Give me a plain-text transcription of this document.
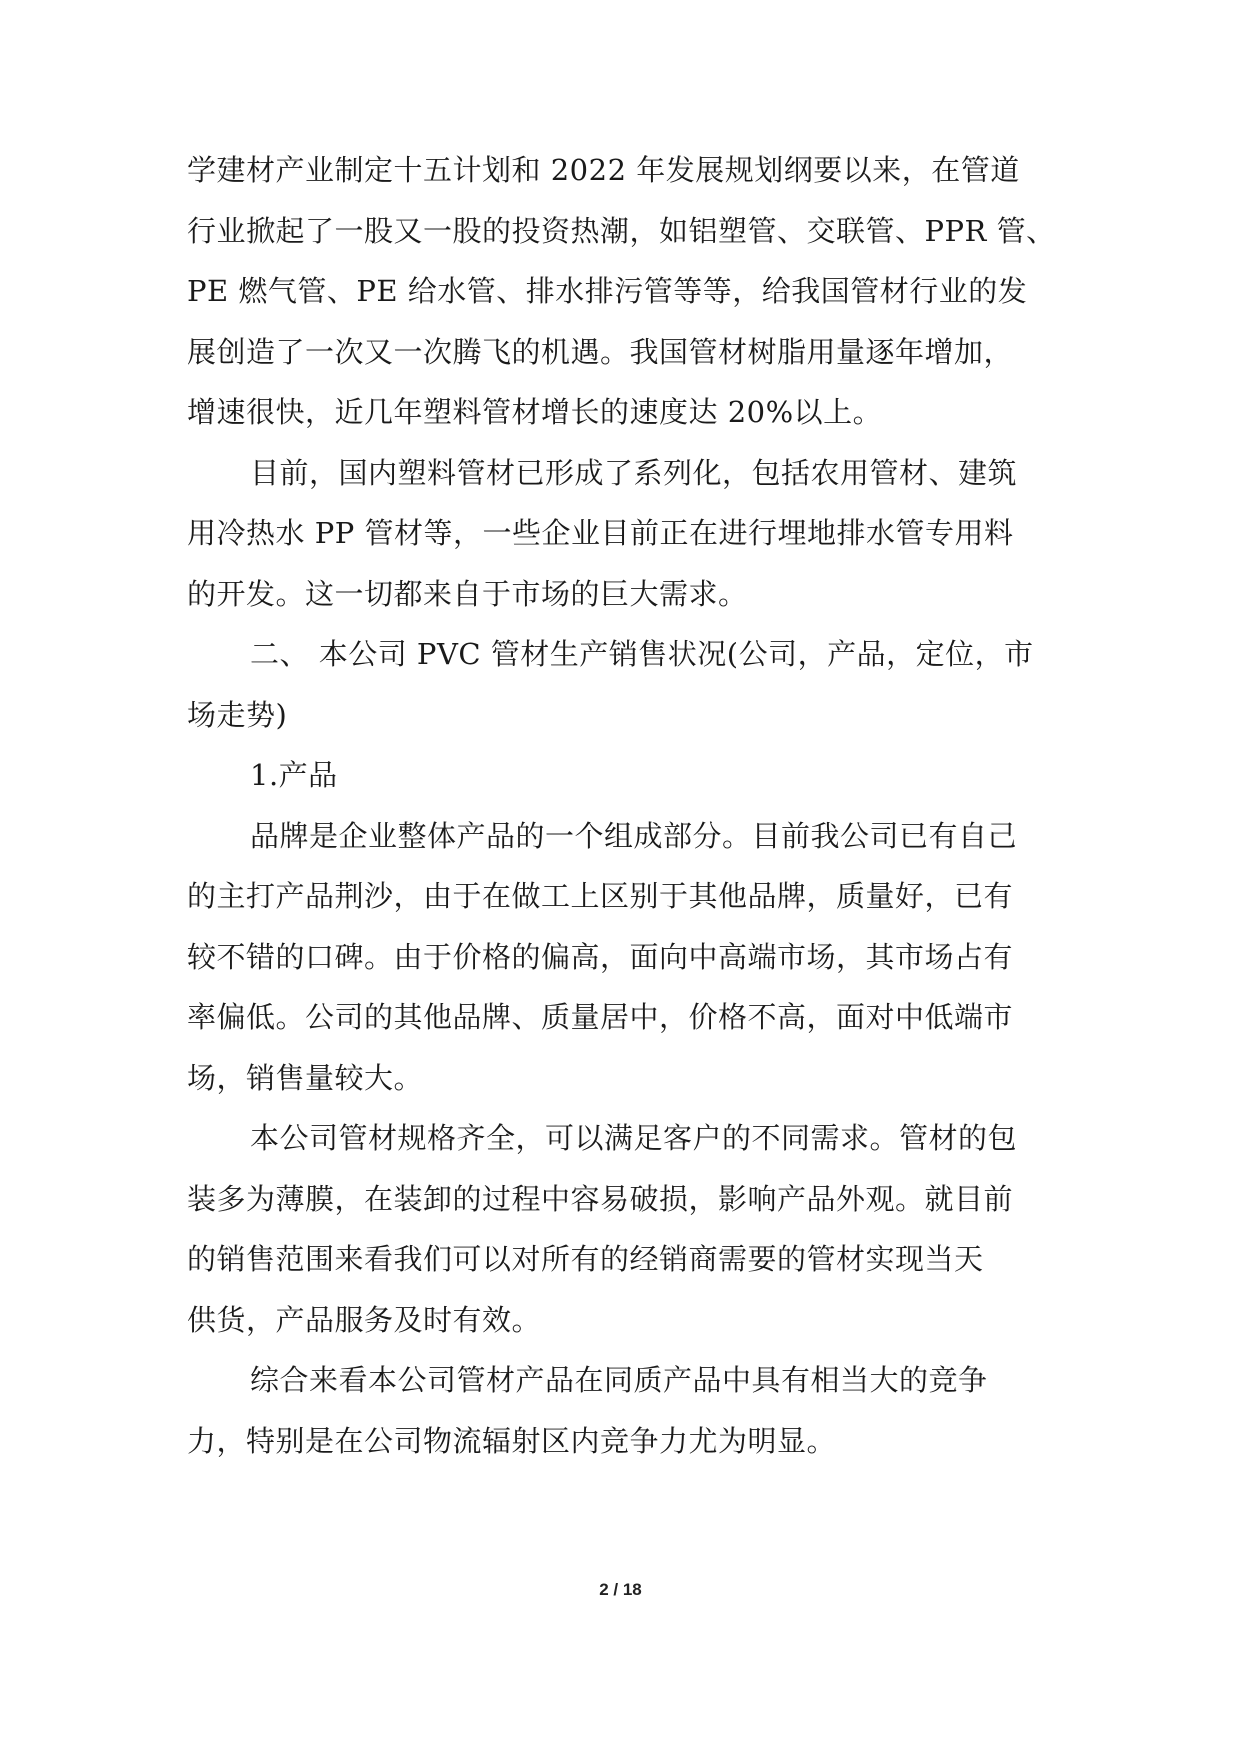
学建材产业制定十五计划和 2022 年发展规划纲要以来，在管道
行业掀起了一股又一股的投资热潮，如铝塑管、交联管、PPR 管、
PE 燃气管、PE 给水管、排水排污管等等，给我国管材行业的发
展创造了一次又一次腾飞的机遇。我国管材树脂用量逐年增加，
增速很快，近几年塑料管材增长的速度达 20%以上。
目前，国内塑料管材已形成了系列化，包括农用管材、建筑
用冷热水 PP 管材等，一些企业目前正在进行埋地排水管专用料
的开发。这一切都来自于市场的巨大需求。
二、 本公司 PVC 管材生产销售状况(公司，产品，定位，市
场走势)
1.产品
品牌是企业整体产品的一个组成部分。目前我公司已有自己
的主打产品荆沙，由于在做工上区别于其他品牌，质量好，已有
较不错的口碑。由于价格的偏高，面向中高端市场，其市场占有
率偏低。公司的其他品牌、质量居中，价格不高，面对中低端市
场，销售量较大。
本公司管材规格齐全，可以满足客户的不同需求。管材的包
装多为薄膜，在装卸的过程中容易破损，影响产品外观。就目前
的销售范围来看我们可以对所有的经销商需要的管材实现当天
供货，产品服务及时有效。
综合来看本公司管材产品在同质产品中具有相当大的竞争
力，特别是在公司物流辐射区内竞争力尤为明显。
2 / 18
